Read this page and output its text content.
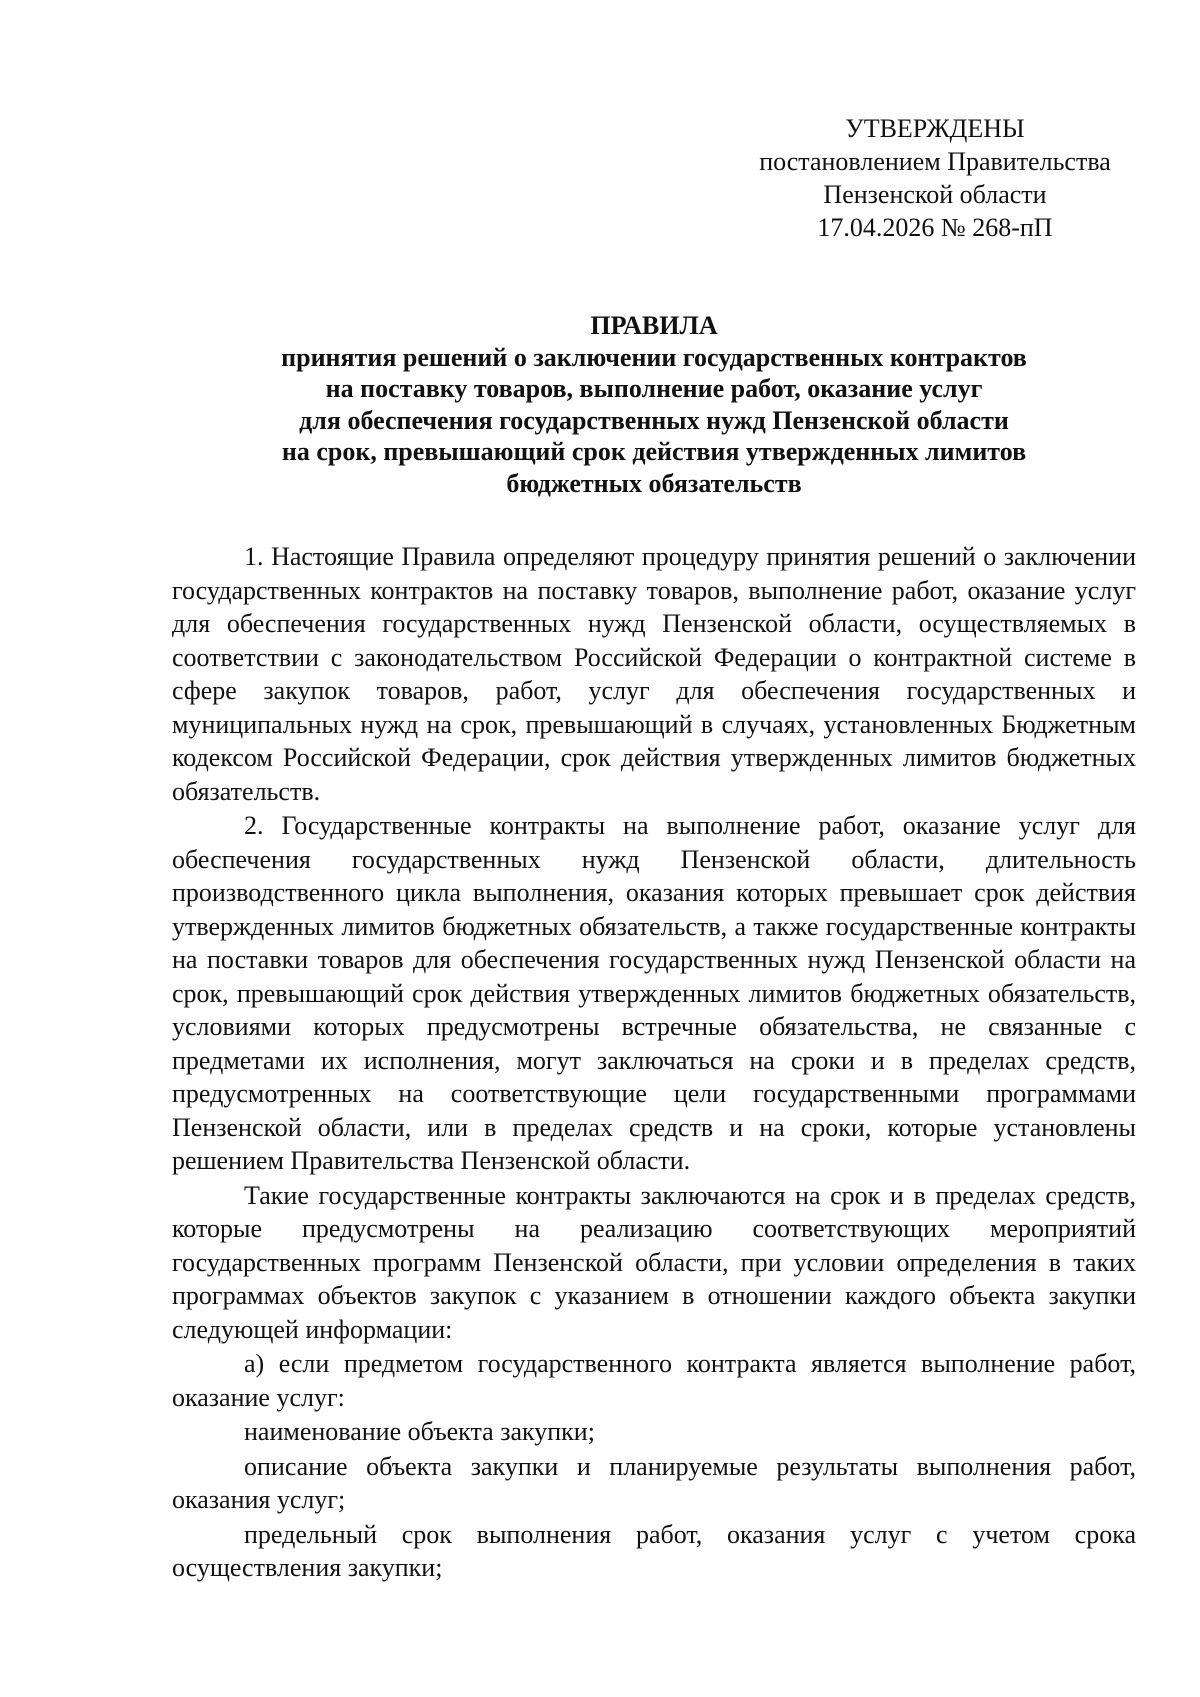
УТВЕРЖДЕНЫ
постановлением Правительства
Пензенской области
17.04.2026 № 268-пП
ПРАВИЛА
принятия решений о заключении государственных контрактов
на поставку товаров, выполнение работ, оказание услуг
для обеспечения государственных нужд Пензенской области
на срок, превышающий срок действия утвержденных лимитов
бюджетных обязательств

1. Настоящие Правила определяют процедуру принятия решений о заключении государственных контрактов на поставку товаров, выполнение работ, оказание услуг для обеспечения государственных нужд Пензенской области, осуществляемых в соответствии с законодательством Российской Федерации о контрактной системе в сфере закупок товаров, работ, услуг для обеспечения государственных и муниципальных нужд на срок, превышающий в случаях, установленных Бюджетным кодексом Российской Федерации, срок действия утвержденных лимитов бюджетных обязательств.

2. Государственные контракты на выполнение работ, оказание услуг для обеспечения государственных нужд Пензенской области, длительность производственного цикла выполнения, оказания которых превышает срок действия утвержденных лимитов бюджетных обязательств, а также государственные контракты на поставки товаров для обеспечения государственных нужд Пензенской области на срок, превышающий срок действия утвержденных лимитов бюджетных обязательств, условиями которых предусмотрены встречные обязательства, не связанные с предметами их исполнения, могут заключаться на сроки и в пределах средств, предусмотренных на соответствующие цели государственными программами Пензенской области, или в пределах средств и на сроки, которые установлены решением Правительства Пензенской области.

Такие государственные контракты заключаются на срок и в пределах средств, которые предусмотрены на реализацию соответствующих мероприятий государственных программ Пензенской области, при условии определения в таких программах объектов закупок с указанием в отношении каждого объекта закупки следующей информации:

а) если предметом государственного контракта является выполнение работ, оказание услуг:

наименование объекта закупки;

описание объекта закупки и планируемые результаты выполнения работ, оказания услуг;

предельный срок выполнения работ, оказания услуг с учетом срока осуществления закупки;
